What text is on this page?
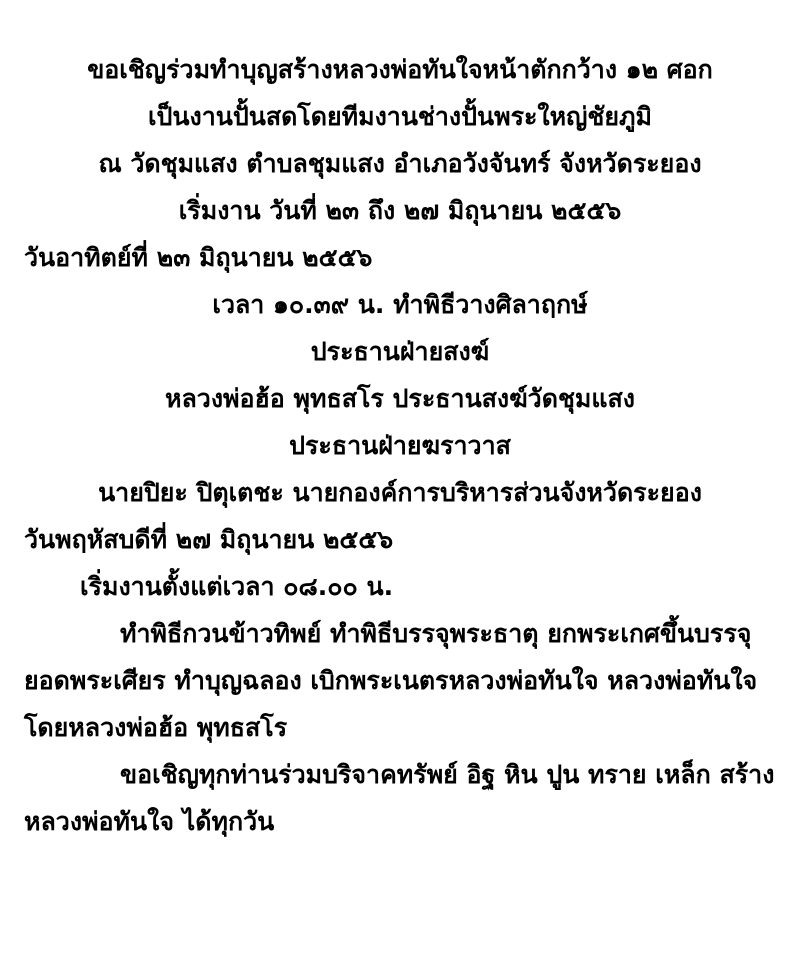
ขอเชิญร่วมทำบุญสร้างหลวงพ่อทันใจหน้าตักกว้าง ๑๒ ศอก
เป็นงานปั้นสดโดยทีมงานช่างปั้นพระใหญ่ชัยภูมิ
ณ วัดชุมแสง ตำบลชุมแสง อำเภอวังจันทร์ จังหวัดระยอง
เริ่มงาน วันที่ ๒๓ ถึง ๒๗ มิถุนายน ๒๕๕๖
วันอาทิตย์ที่ ๒๓ มิถุนายน ๒๕๕๖
เวลา ๑๐.๓๙ น. ทำพิธีวางศิลาฤกษ์
ประธานฝ่ายสงฆ์
หลวงพ่อฮ้อ พุทธสโร ประธานสงฆ์วัดชุมแสง
ประธานฝ่ายฆราวาส
นายปิยะ ปิตุเตชะ นายกองค์การบริหารส่วนจังหวัดระยอง
วันพฤหัสบดีที่ ๒๗ มิถุนายน ๒๕๕๖
เริ่มงานตั้งแต่เวลา ๐๘.๐๐ น.
ทำพิธีกวนข้าวทิพย์ ทำพิธีบรรจุพระธาตุ ยกพระเกศขึ้นบรรจุ
ยอดพระเศียร ทำบุญฉลอง เบิกพระเนตรหลวงพ่อทันใจ หลวงพ่อทันใจ
โดยหลวงพ่อฮ้อ พุทธสโร
ขอเชิญทุกท่านร่วมบริจาคทรัพย์ อิฐ หิน ปูน ทราย เหล็ก สร้าง
หลวงพ่อทันใจ ได้ทุกวัน
